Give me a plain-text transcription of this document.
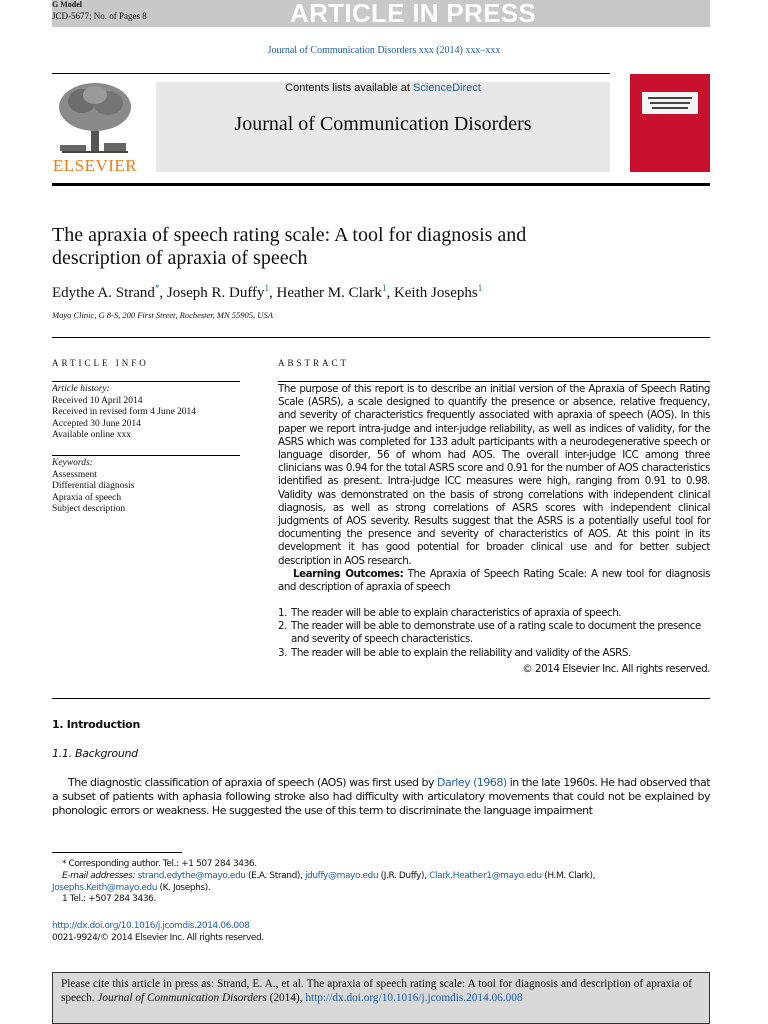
G Model
JCD-5677; No. of Pages 8	ARTICLE IN PRESS
Journal of Communication Disorders xxx (2014) xxx–xxx
ELSEVIER
Contents lists available at ScienceDirect
Journal of Communication Disorders
The apraxia of speech rating scale: A tool for diagnosis and description of apraxia of speech
Edythe A. Strand*, Joseph R. Duffy$^1$, Heather M. Clark$^1$, Keith Josephs$^1$
Mayo Clinic, G 8-S, 200 First Street, Rochester, MN 55905, USA
ARTICLE INFO
Article history:
Received 10 April 2014
Received in revised form 4 June 2014
Accepted 30 June 2014
Available online xxx
Keywords:
Assessment
Differential diagnosis
Apraxia of speech
Subject description
ABSTRACT
The purpose of this report is to describe an initial version of the Apraxia of Speech Rating Scale (ASRS), a scale designed to quantify the presence or absence, relative frequency, and severity of characteristics frequently associated with apraxia of speech (AOS). In this paper we report intra-judge and inter-judge reliability, as well as indices of validity, for the ASRS which was completed for 133 adult participants with a neurodegenerative speech or language disorder, 56 of whom had AOS. The overall inter-judge ICC among three clinicians was 0.94 for the total ASRS score and 0.91 for the number of AOS characteristics identified as present. Intra-judge ICC measures were high, ranging from 0.91 to 0.98. Validity was demonstrated on the basis of strong correlations with independent clinical diagnosis, as well as strong correlations of ASRS scores with independent clinical judgments of AOS severity. Results suggest that the ASRS is a potentially useful tool for documenting the presence and severity of characteristics of AOS. At this point in its development it has good potential for broader clinical use and for better subject description in AOS research.
Learning Outcomes: The Apraxia of Speech Rating Scale: A new tool for diagnosis and description of apraxia of speech
1. The reader will be able to explain characteristics of apraxia of speech.
2. The reader will be able to demonstrate use of a rating scale to document the presence and severity of speech characteristics.
3. The reader will be able to explain the reliability and validity of the ASRS.
© 2014 Elsevier Inc. All rights reserved.
1. Introduction
1.1. Background
The diagnostic classification of apraxia of speech (AOS) was first used by Darley (1968) in the late 1960s. He had observed that a subset of patients with aphasia following stroke also had difficulty with articulatory movements that could not be explained by phonologic errors or weakness. He suggested the use of this term to discriminate the language impairment
* Corresponding author. Tel.: +1 507 284 3436.
E-mail addresses: strand.edythe@mayo.edu (E.A. Strand), jduffy@mayo.edu (J.R. Duffy), Clark.Heather1@mayo.edu (H.M. Clark),
Josephs.Keith@mayo.edu (K. Josephs).
1 Tel.: +507 284 3436.
http://dx.doi.org/10.1016/j.jcomdis.2014.06.008
0021-9924/© 2014 Elsevier Inc. All rights reserved.
Please cite this article in press as: Strand, E. A., et al. The apraxia of speech rating scale: A tool for diagnosis and description of apraxia of speech. Journal of Communication Disorders (2014), http://dx.doi.org/10.1016/j.jcomdis.2014.06.008
